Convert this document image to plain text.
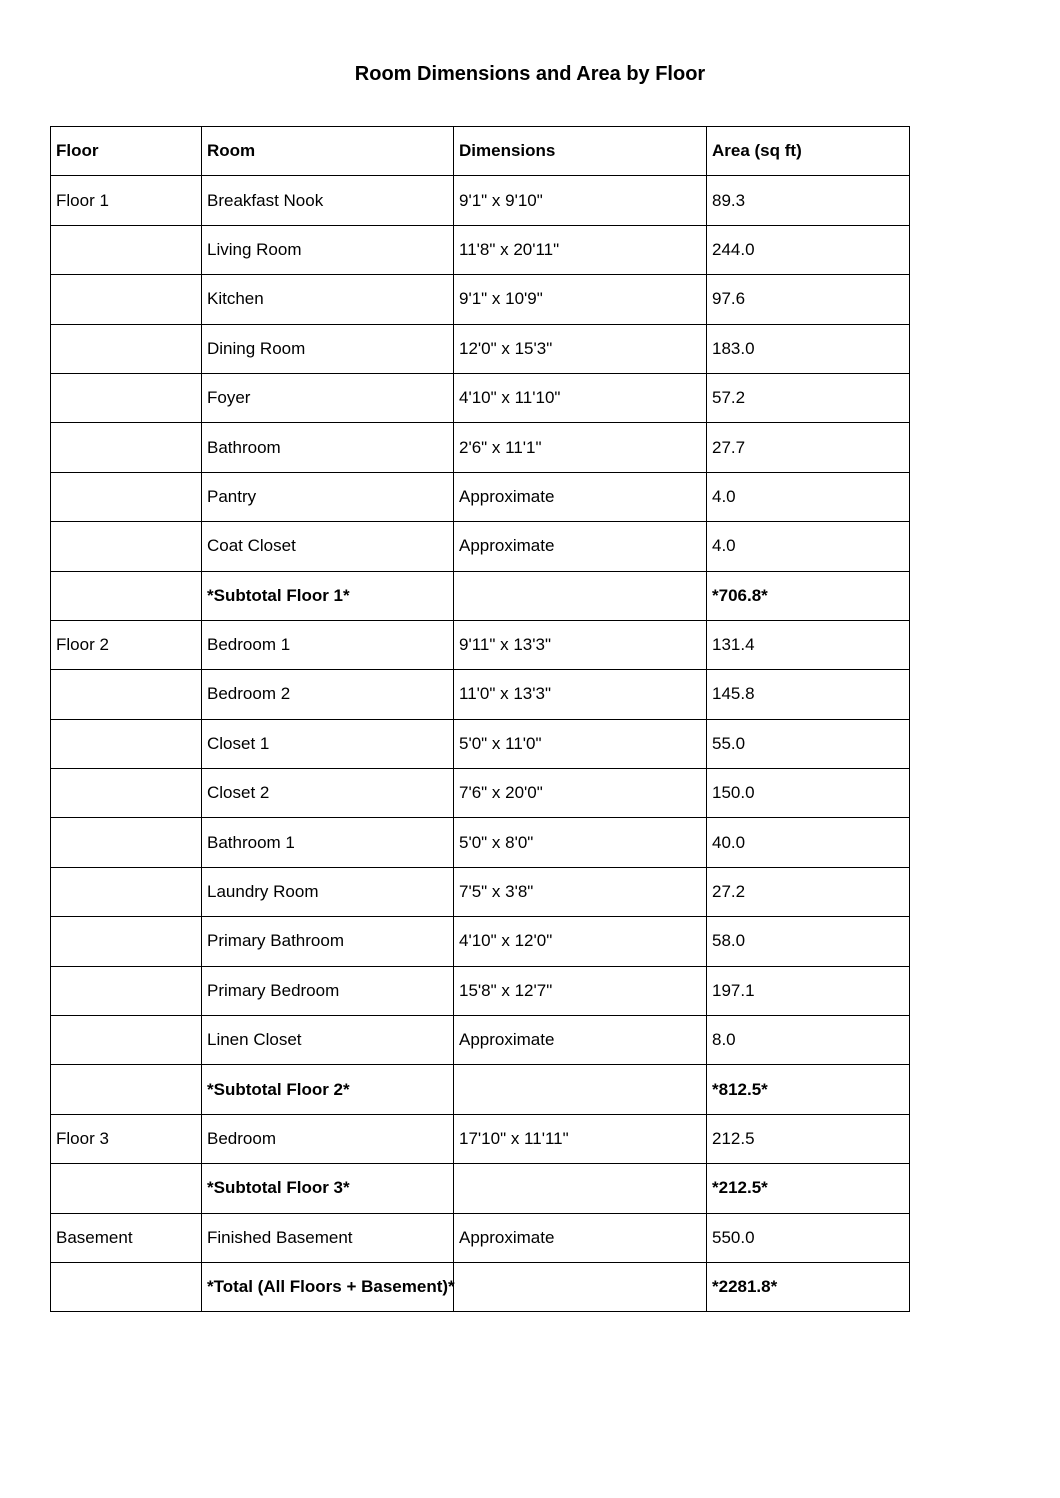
Room Dimensions and Area by Floor
Floor	Room	Dimensions	Area (sq ft)
Floor 1	Breakfast Nook	9'1" x 9'10"	89.3
	Living Room	11'8" x 20'11"	244.0
	Kitchen	9'1" x 10'9"	97.6
	Dining Room	12'0" x 15'3"	183.0
	Foyer	4'10" x 11'10"	57.2
	Bathroom	2'6" x 11'1"	27.7
	Pantry	Approximate	4.0
	Coat Closet	Approximate	4.0
	*Subtotal Floor 1*		*706.8*
Floor 2	Bedroom 1	9'11" x 13'3"	131.4
	Bedroom 2	11'0" x 13'3"	145.8
	Closet 1	5'0" x 11'0"	55.0
	Closet 2	7'6" x 20'0"	150.0
	Bathroom 1	5'0" x 8'0"	40.0
	Laundry Room	7'5" x 3'8"	27.2
	Primary Bathroom	4'10" x 12'0"	58.0
	Primary Bedroom	15'8" x 12'7"	197.1
	Linen Closet	Approximate	8.0
	*Subtotal Floor 2*		*812.5*
Floor 3	Bedroom	17'10" x 11'11"	212.5
	*Subtotal Floor 3*		*212.5*
Basement	Finished Basement	Approximate	550.0
	*Total (All Floors + Basement)*		*2281.8*
